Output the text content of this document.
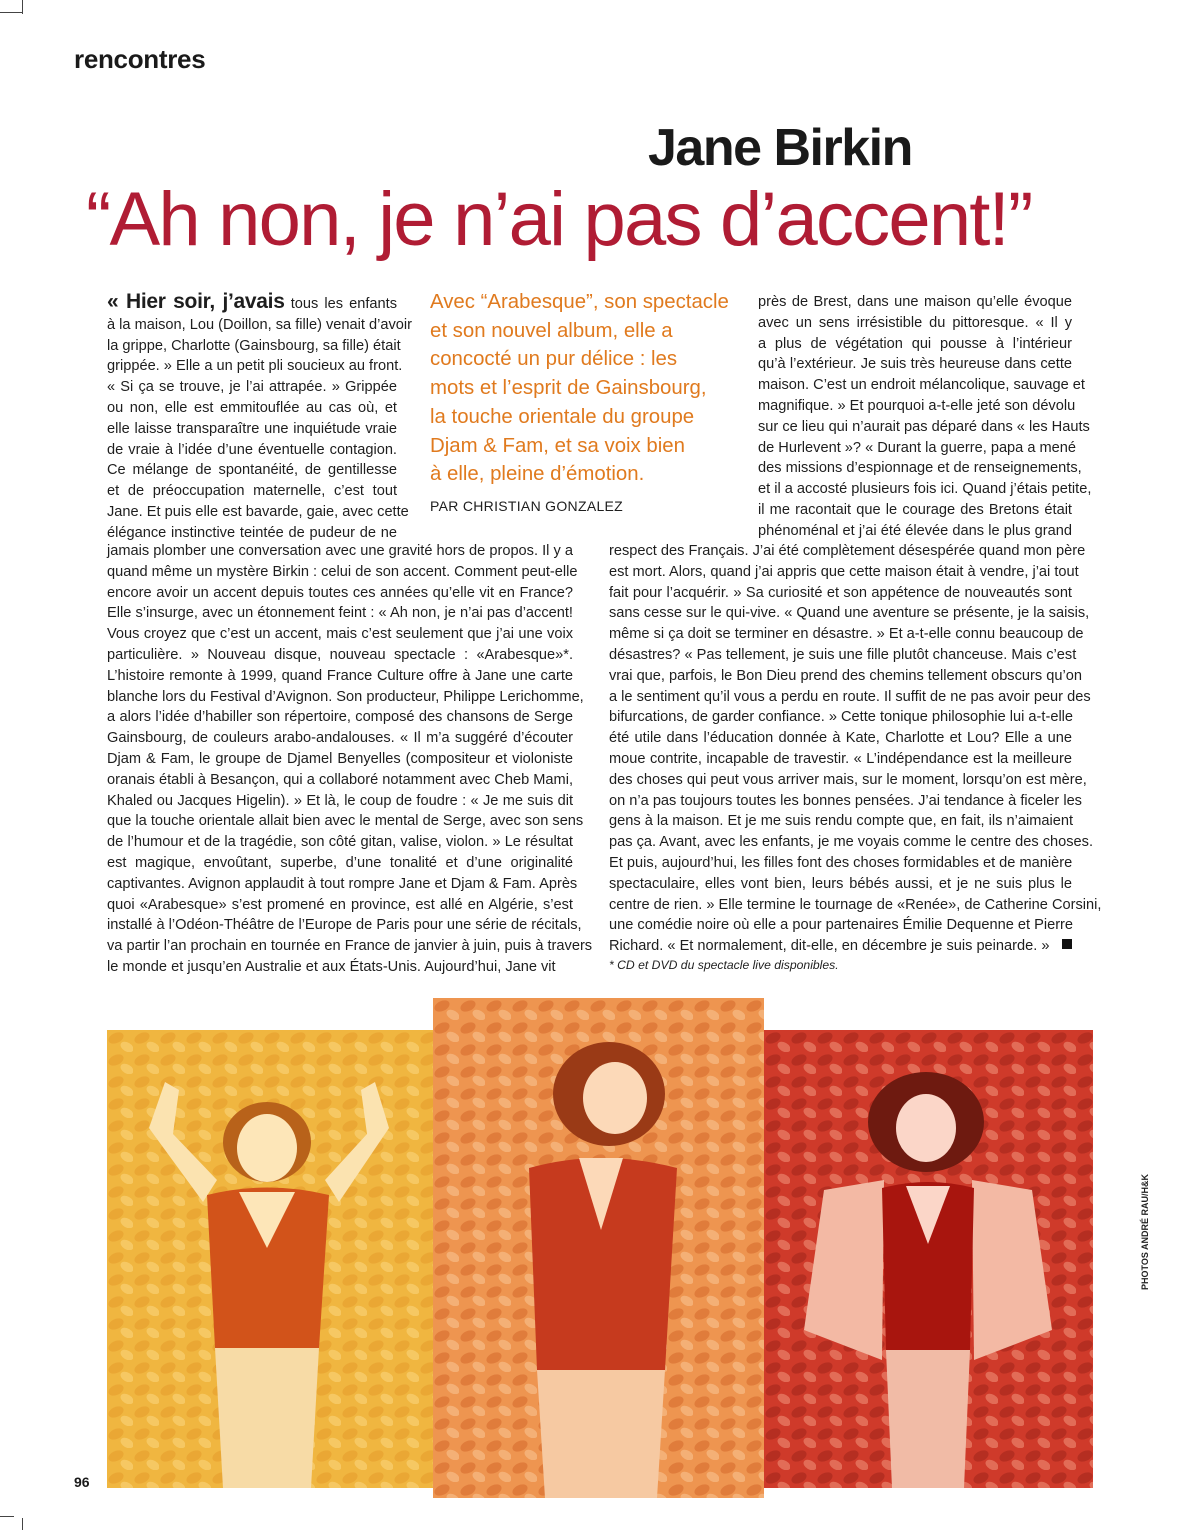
rencontres
Jane Birkin
“Ah non, je n’ai pas d’accent!”
« Hier soir, j’avais tous les enfants
à la maison, Lou (Doillon, sa fille) venait d’avoir
la grippe, Charlotte (Gainsbourg, sa fille) était
grippée. » Elle a un petit pli soucieux au front.
« Si ça se trouve, je l’ai attrapée. » Grippée
ou non, elle est emmitouflée au cas où, et
elle laisse transparaître une inquiétude vraie
de vraie à l’idée d’une éventuelle contagion.
Ce mélange de spontanéité, de gentillesse
et de préoccupation maternelle, c’est tout
Jane. Et puis elle est bavarde, gaie, avec cette
élégance instinctive teintée de pudeur de ne
Avec “Arabesque”, son spectacle
et son nouvel album, elle a
concocté un pur délice : les
mots et l’esprit de Gainsbourg,
la touche orientale du groupe
Djam & Fam, et sa voix bien
à elle, pleine d’émotion.
PAR CHRISTIAN GONZALEZ
jamais plomber une conversation avec une gravité hors de propos. Il y a
quand même un mystère Birkin : celui de son accent. Comment peut-elle
encore avoir un accent depuis toutes ces années qu’elle vit en France?
Elle s’insurge, avec un étonnement feint : « Ah non, je n’ai pas d’accent!
Vous croyez que c’est un accent, mais c’est seulement que j’ai une voix
particulière. » Nouveau disque, nouveau spectacle : «Arabesque»*.
L’histoire remonte à 1999, quand France Culture offre à Jane une carte
blanche lors du Festival d’Avignon. Son producteur, Philippe Lerichomme,
a alors l’idée d’habiller son répertoire, composé des chansons de Serge
Gainsbourg, de couleurs arabo-andalouses. « Il m’a suggéré d’écouter
Djam & Fam, le groupe de Djamel Benyelles (compositeur et violoniste
oranais établi à Besançon, qui a collaboré notamment avec Cheb Mami,
Khaled ou Jacques Higelin). » Et là, le coup de foudre : « Je me suis dit
que la touche orientale allait bien avec le mental de Serge, avec son sens
de l’humour et de la tragédie, son côté gitan, valise, violon. » Le résultat
est magique, envoûtant, superbe, d’une tonalité et d’une originalité
captivantes. Avignon applaudit à tout rompre Jane et Djam & Fam. Après
quoi «Arabesque» s’est promené en province, est allé en Algérie, s’est
installé à l’Odéon-Théâtre de l’Europe de Paris pour une série de récitals,
va partir l’an prochain en tournée en France de janvier à juin, puis à travers
le monde et jusqu’en Australie et aux États-Unis. Aujourd’hui, Jane vit
près de Brest, dans une maison qu’elle évoque
avec un sens irrésistible du pittoresque. « Il y
a plus de végétation qui pousse à l’intérieur
qu’à l’extérieur. Je suis très heureuse dans cette
maison. C’est un endroit mélancolique, sauvage et
magnifique. » Et pourquoi a-t-elle jeté son dévolu
sur ce lieu qui n’aurait pas déparé dans « les Hauts
de Hurlevent »? « Durant la guerre, papa a mené
des missions d’espionnage et de renseignements,
et il a accosté plusieurs fois ici. Quand j’étais petite,
il me racontait que le courage des Bretons était
phénoménal et j’ai été élevée dans le plus grand
respect des Français. J’ai été complètement désespérée quand mon père
est mort. Alors, quand j’ai appris que cette maison était à vendre, j’ai tout
fait pour l’acquérir. » Sa curiosité et son appétence de nouveautés sont
sans cesse sur le qui-vive. « Quand une aventure se présente, je la saisis,
même si ça doit se terminer en désastre. » Et a-t-elle connu beaucoup de
désastres? « Pas tellement, je suis une fille plutôt chanceuse. Mais c’est
vrai que, parfois, le Bon Dieu prend des chemins tellement obscurs qu’on
a le sentiment qu’il vous a perdu en route. Il suffit de ne pas avoir peur des
bifurcations, de garder confiance. » Cette tonique philosophie lui a-t-elle
été utile dans l’éducation donnée à Kate, Charlotte et Lou? Elle a une
moue contrite, incapable de travestir. « L’indépendance est la meilleure
des choses qui peut vous arriver mais, sur le moment, lorsqu’on est mère,
on n’a pas toujours toutes les bonnes pensées. J’ai tendance à ficeler les
gens à la maison. Et je me suis rendu compte que, en fait, ils n’aimaient
pas ça. Avant, avec les enfants, je me voyais comme le centre des choses.
Et puis, aujourd’hui, les filles font des choses formidables et de manière
spectaculaire, elles vont bien, leurs bébés aussi, et je ne suis plus le
centre de rien. » Elle termine le tournage de «Renée», de Catherine Corsini,
une comédie noire où elle a pour partenaires Émilie Dequenne et Pierre
Richard. « Et normalement, dit-elle, en décembre je suis peinarde. »
* CD et DVD du spectacle live disponibles.
PHOTOS ANDRÉ RAU/H&K
96
